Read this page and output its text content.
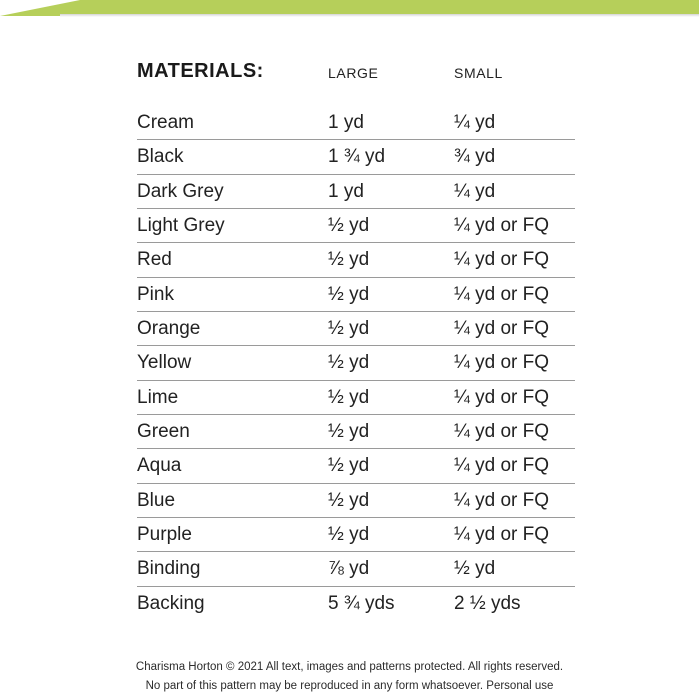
MATERIALS:	LARGE	SMALL
Cream	1 yd	¼ yd
Black	1 ¾ yd	¾ yd
Dark Grey	1 yd	¼ yd
Light Grey	½ yd	¼ yd or FQ
Red	½ yd	¼ yd or FQ
Pink	½ yd	¼ yd or FQ
Orange	½ yd	¼ yd or FQ
Yellow	½ yd	¼ yd or FQ
Lime	½ yd	¼ yd or FQ
Green	½ yd	¼ yd or FQ
Aqua	½ yd	¼ yd or FQ
Blue	½ yd	¼ yd or FQ
Purple	½ yd	¼ yd or FQ
Binding	⅞ yd	½ yd
Backing	5 ¾ yds	2 ½ yds
Charisma Horton © 2021 All text, images and patterns protected. All rights reserved.
No part of this pattern may be reproduced in any form whatsoever. Personal use
